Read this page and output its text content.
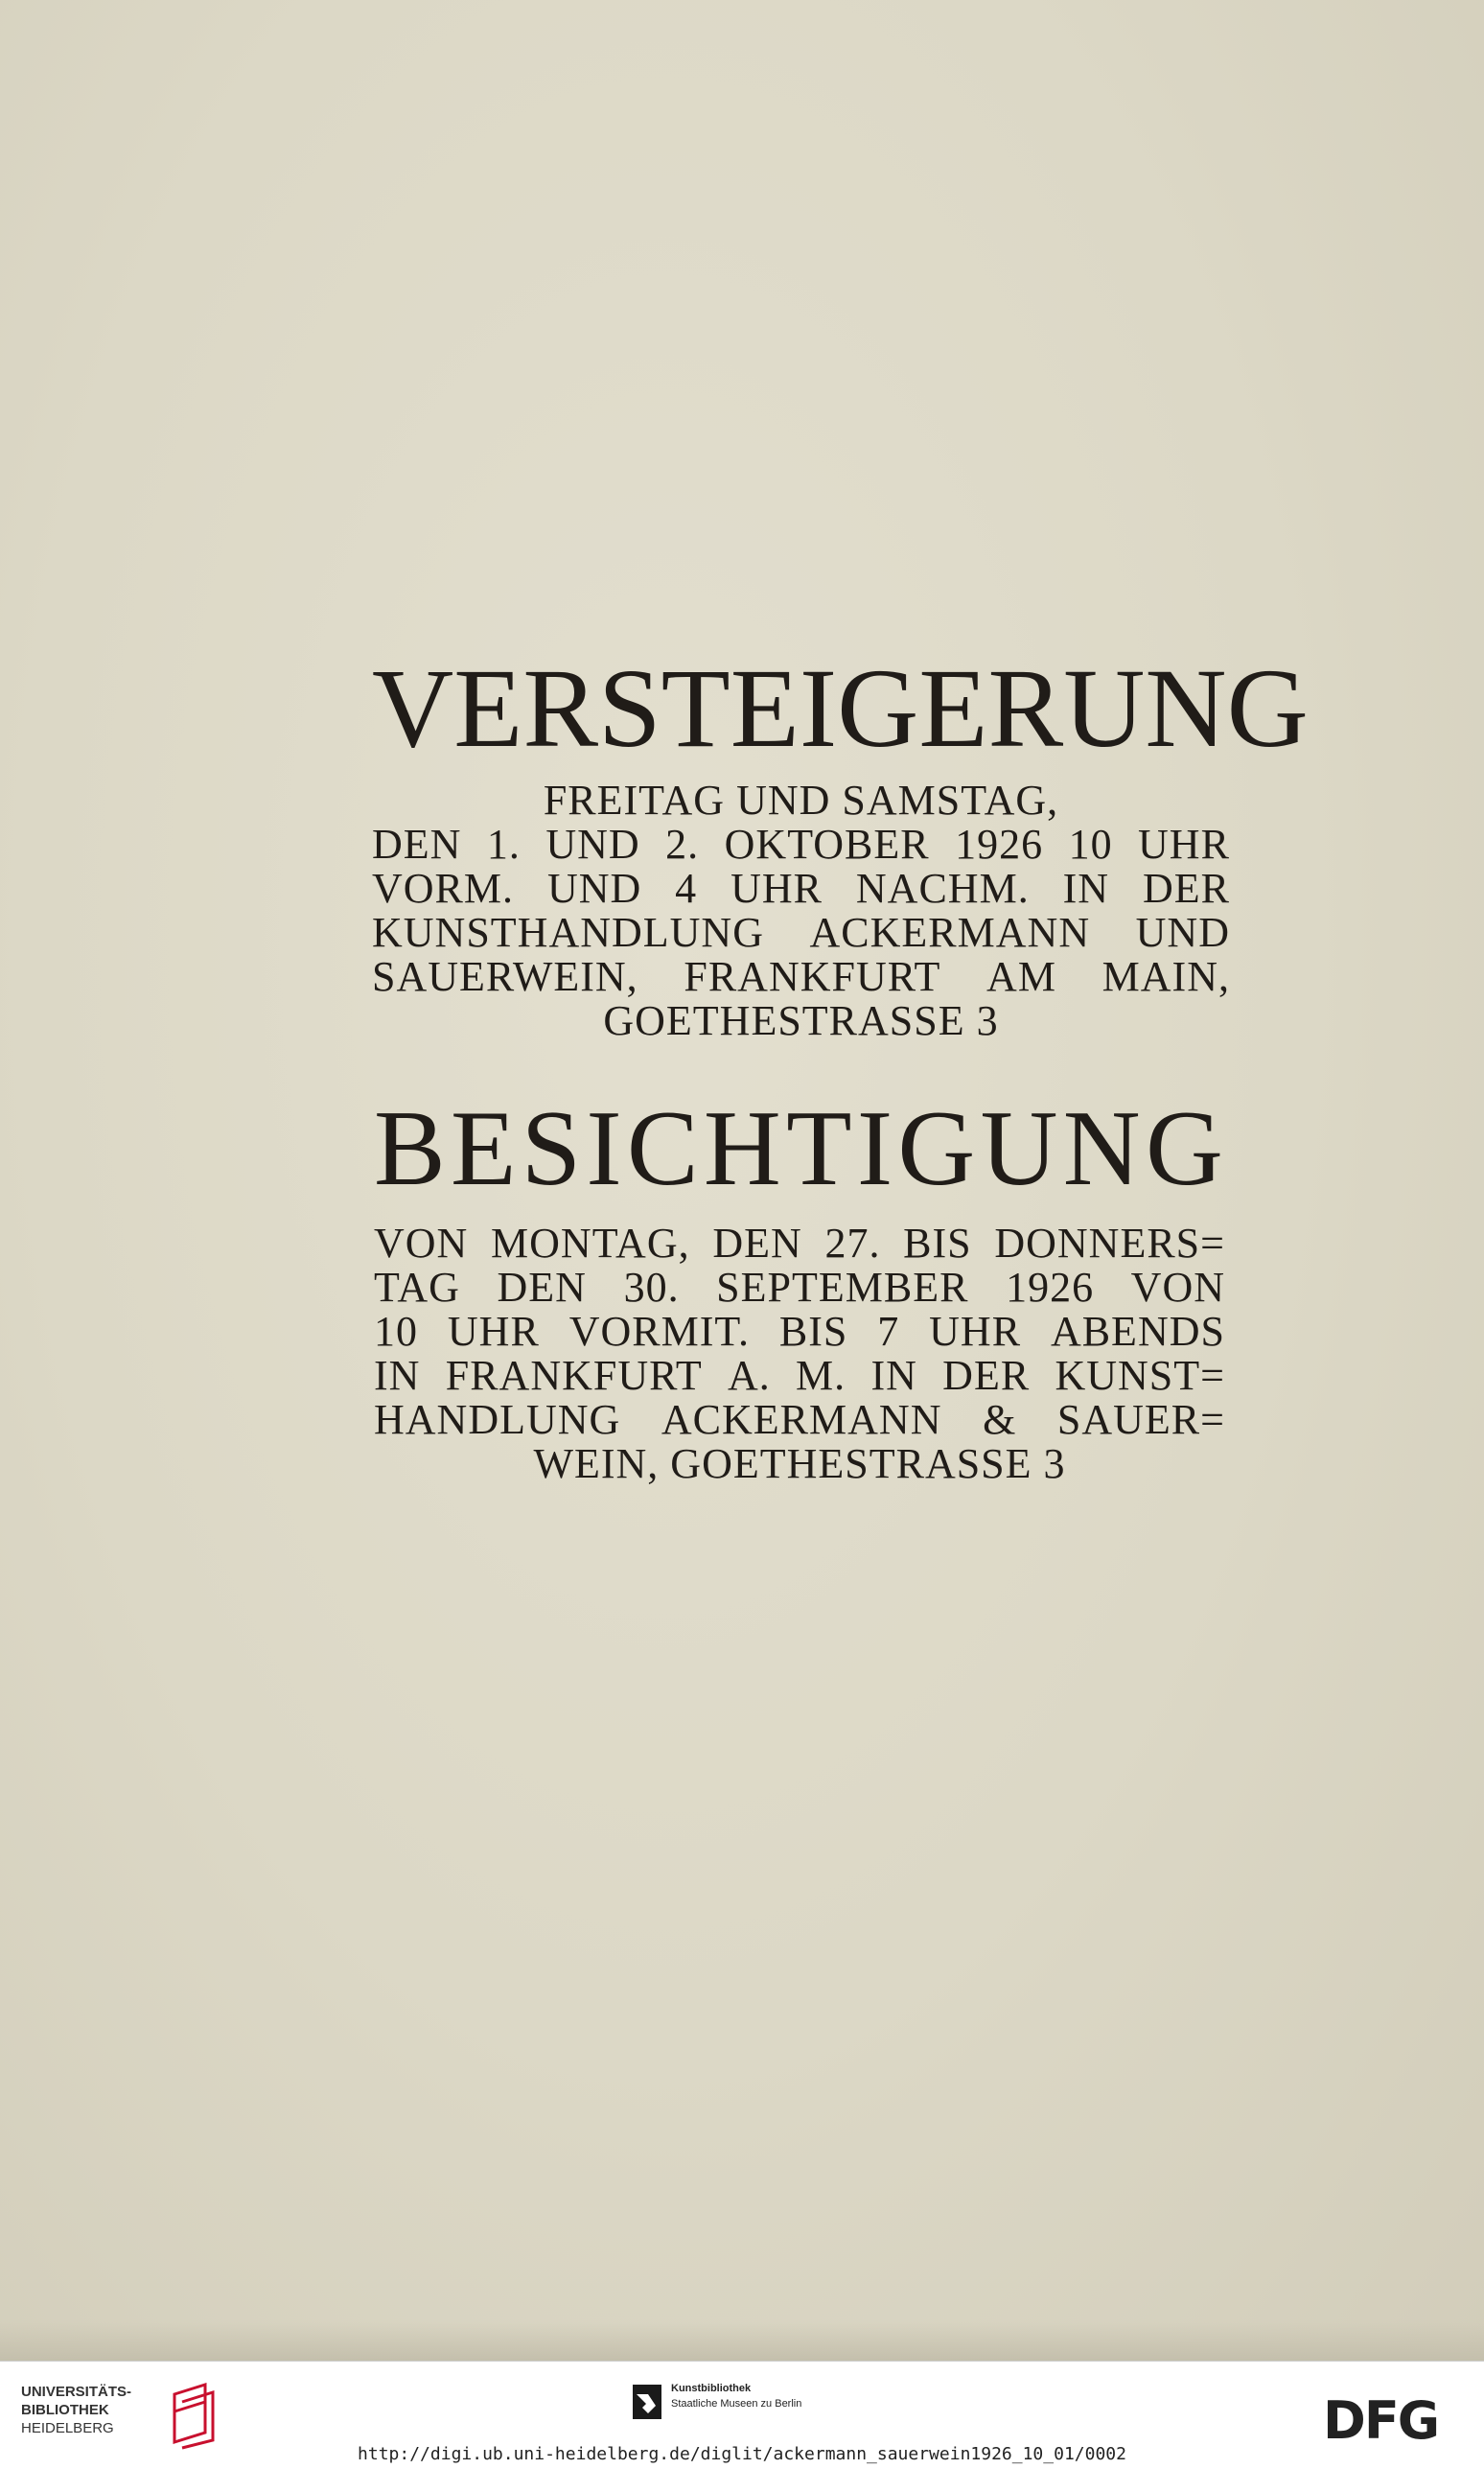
V E R S T E I G E R U N G
FREITAG UND SAMSTAG,
DEN 1. UND 2. OKTOBER 1926 10 UHR
VORM. UND 4 UHR NACHM. IN DER
KUNSTHANDLUNG ACKERMANN UND
SAUERWEIN, FRANKFURT AM MAIN,
GOETHESTRASSE 3
B E S I C H T I G U N G
VON MONTAG, DEN 27. BIS DONNERS=
TAG DEN 30. SEPTEMBER 1926 VON
10 UHR VORMIT. BIS 7 UHR ABENDS
IN FRANKFURT A. M. IN DER KUNST=
HANDLUNG ACKERMANN & SAUER=
WEIN, GOETHESTRASSE 3
UNIVERSITÄTS-
BIBLIOTHEK
HEIDELBERG
Kunstbibliothek
Staatliche Museen zu Berlin	DFG
http://digi.ub.uni-heidelberg.de/diglit/ackermann_sauerwein1926_10_01/0002
